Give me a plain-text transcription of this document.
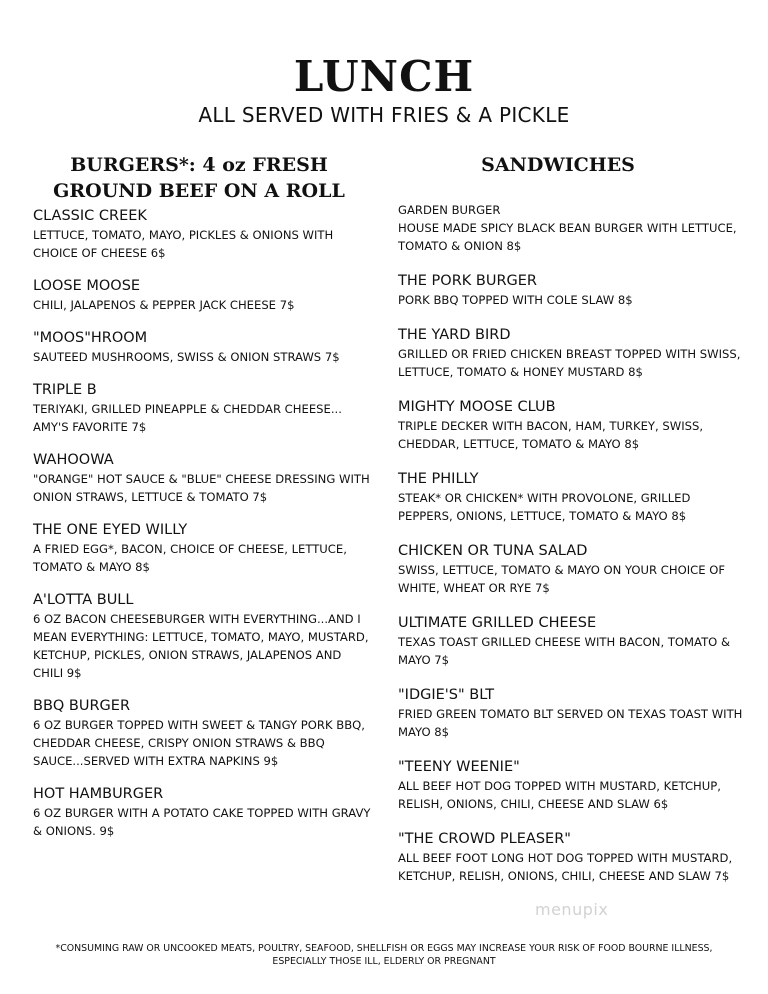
LUNCH
ALL SERVED WITH FRIES & A PICKLE
BURGERS*: 4 oz FRESH
GROUND BEEF ON A ROLL
CLASSIC CREEK
LETTUCE, TOMATO, MAYO, PICKLES & ONIONS WITH CHOICE OF CHEESE 6$
LOOSE MOOSE
CHILI, JALAPENOS & PEPPER JACK CHEESE 7$
"MOOS"HROOM
SAUTEED MUSHROOMS, SWISS & ONION STRAWS 7$
TRIPLE B
TERIYAKI, GRILLED PINEAPPLE & CHEDDAR CHEESE... AMY'S FAVORITE 7$
WAHOOWA
"ORANGE" HOT SAUCE & "BLUE" CHEESE DRESSING WITH ONION STRAWS, LETTUCE & TOMATO 7$
THE ONE EYED WILLY
A FRIED EGG*, BACON, CHOICE OF CHEESE, LETTUCE, TOMATO & MAYO 8$
A'LOTTA BULL
6 OZ BACON CHEESEBURGER WITH EVERYTHING...AND I MEAN EVERYTHING: LETTUCE, TOMATO, MAYO, MUSTARD, KETCHUP, PICKLES, ONION STRAWS, JALAPENOS AND CHILI 9$
BBQ BURGER
6 OZ BURGER TOPPED WITH SWEET & TANGY PORK BBQ, CHEDDAR CHEESE, CRISPY ONION STRAWS & BBQ SAUCE...SERVED WITH EXTRA NAPKINS 9$
HOT HAMBURGER
6 OZ BURGER WITH A POTATO CAKE TOPPED WITH GRAVY & ONIONS. 9$
SANDWICHES
GARDEN BURGER
HOUSE MADE SPICY BLACK BEAN BURGER WITH LETTUCE, TOMATO & ONION 8$
THE PORK BURGER
PORK BBQ TOPPED WITH COLE SLAW 8$
THE YARD BIRD
GRILLED OR FRIED CHICKEN BREAST TOPPED WITH SWISS, LETTUCE, TOMATO & HONEY MUSTARD 8$
MIGHTY MOOSE CLUB
TRIPLE DECKER WITH BACON, HAM, TURKEY, SWISS, CHEDDAR, LETTUCE, TOMATO & MAYO 8$
THE PHILLY
STEAK* OR CHICKEN* WITH PROVOLONE, GRILLED PEPPERS, ONIONS, LETTUCE, TOMATO & MAYO 8$
CHICKEN OR TUNA SALAD
SWISS, LETTUCE, TOMATO & MAYO ON YOUR CHOICE OF WHITE, WHEAT OR RYE 7$
ULTIMATE GRILLED CHEESE
TEXAS TOAST GRILLED CHEESE WITH BACON, TOMATO & MAYO 7$
"IDGIE'S" BLT
FRIED GREEN TOMATO BLT SERVED ON TEXAS TOAST WITH MAYO 8$
"TEENY WEENIE"
ALL BEEF HOT DOG TOPPED WITH MUSTARD, KETCHUP, RELISH, ONIONS, CHILI, CHEESE AND SLAW 6$
"THE CROWD PLEASER"
ALL BEEF FOOT LONG HOT DOG TOPPED WITH MUSTARD, KETCHUP, RELISH, ONIONS, CHILI, CHEESE AND SLAW 7$
menupix
*CONSUMING RAW OR UNCOOKED MEATS, POULTRY, SEAFOOD, SHELLFISH OR EGGS MAY INCREASE YOUR RISK OF FOOD BOURNE ILLNESS,
ESPECIALLY THOSE ILL, ELDERLY OR PREGNANT
